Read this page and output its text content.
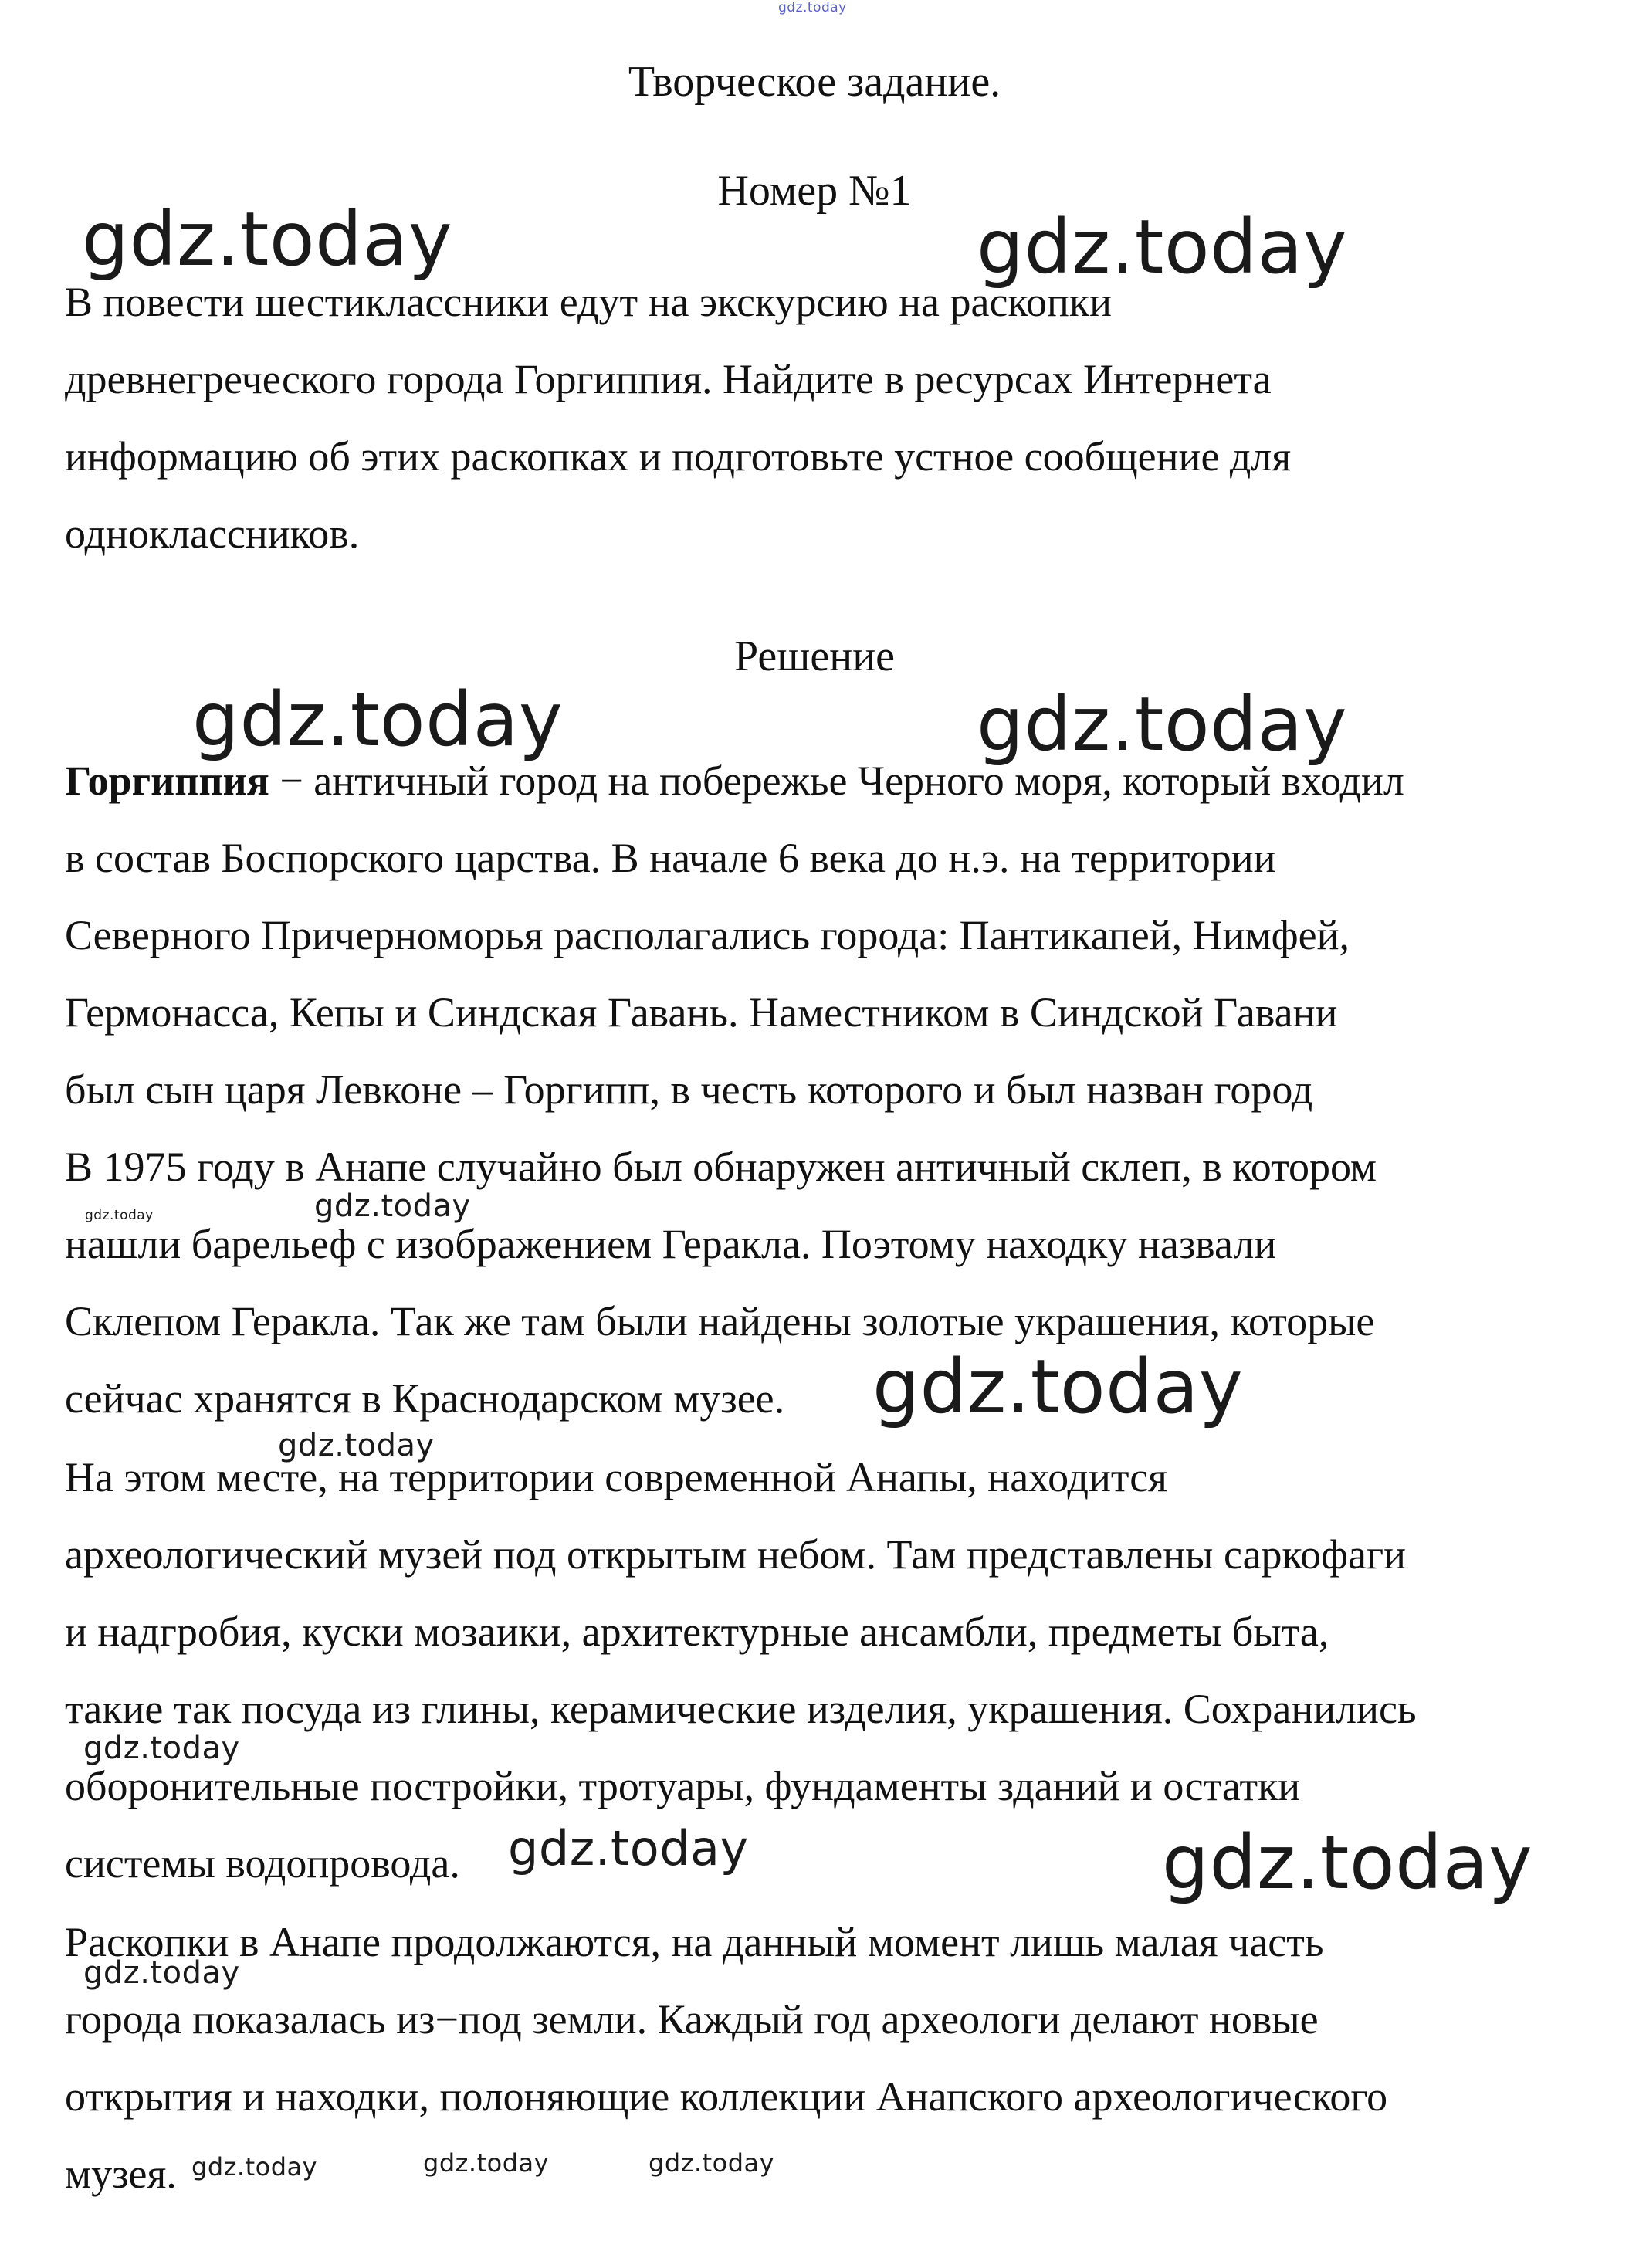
gdz.today
Творческое задание.
Номер №1
В повести шестиклассники едут на экскурсию на раскопки
древнегреческого города Горгиппия. Найдите в ресурсах Интернета
информацию об этих раскопках и подготовьте устное сообщение для
одноклассников.
Решение
Горгиппия − античный город на побережье Черного моря, который входил
в состав Боспорского царства. В начале 6 века до н.э. на территории
Северного Причерноморья располагались города: Пантикапей, Нимфей,
Гермонасса, Кепы и Синдская Гавань. Наместником в Синдской Гавани
был сын царя Левконе – Горгипп, в честь которого и был назван город
В 1975 году в Анапе случайно был обнаружен античный склеп, в котором
нашли барельеф с изображением Геракла. Поэтому находку назвали
Склепом Геракла. Так же там были найдены золотые украшения, которые
сейчас хранятся в Краснодарском музее.
На этом месте, на территории современной Анапы, находится
археологический музей под открытым небом. Там представлены саркофаги
и надгробия, куски мозаики, архитектурные ансамбли, предметы быта,
такие так посуда из глины, керамические изделия, украшения. Сохранились
оборонительные постройки, тротуары, фундаменты зданий и остатки
системы водопровода.
Раскопки в Анапе продолжаются, на данный момент лишь малая часть
города показалась из−под земли. Каждый год археологи делают новые
открытия и находки, полоняющие коллекции Анапского археологического
музея.
gdz.today	gdz.today
gdz.today	gdz.today
gdz.today
gdz.today
gdz.today
gdz.today
gdz.today
gdz.today
gdz.today
gdz.today	gdz.today	gdz.today
gdz.today
